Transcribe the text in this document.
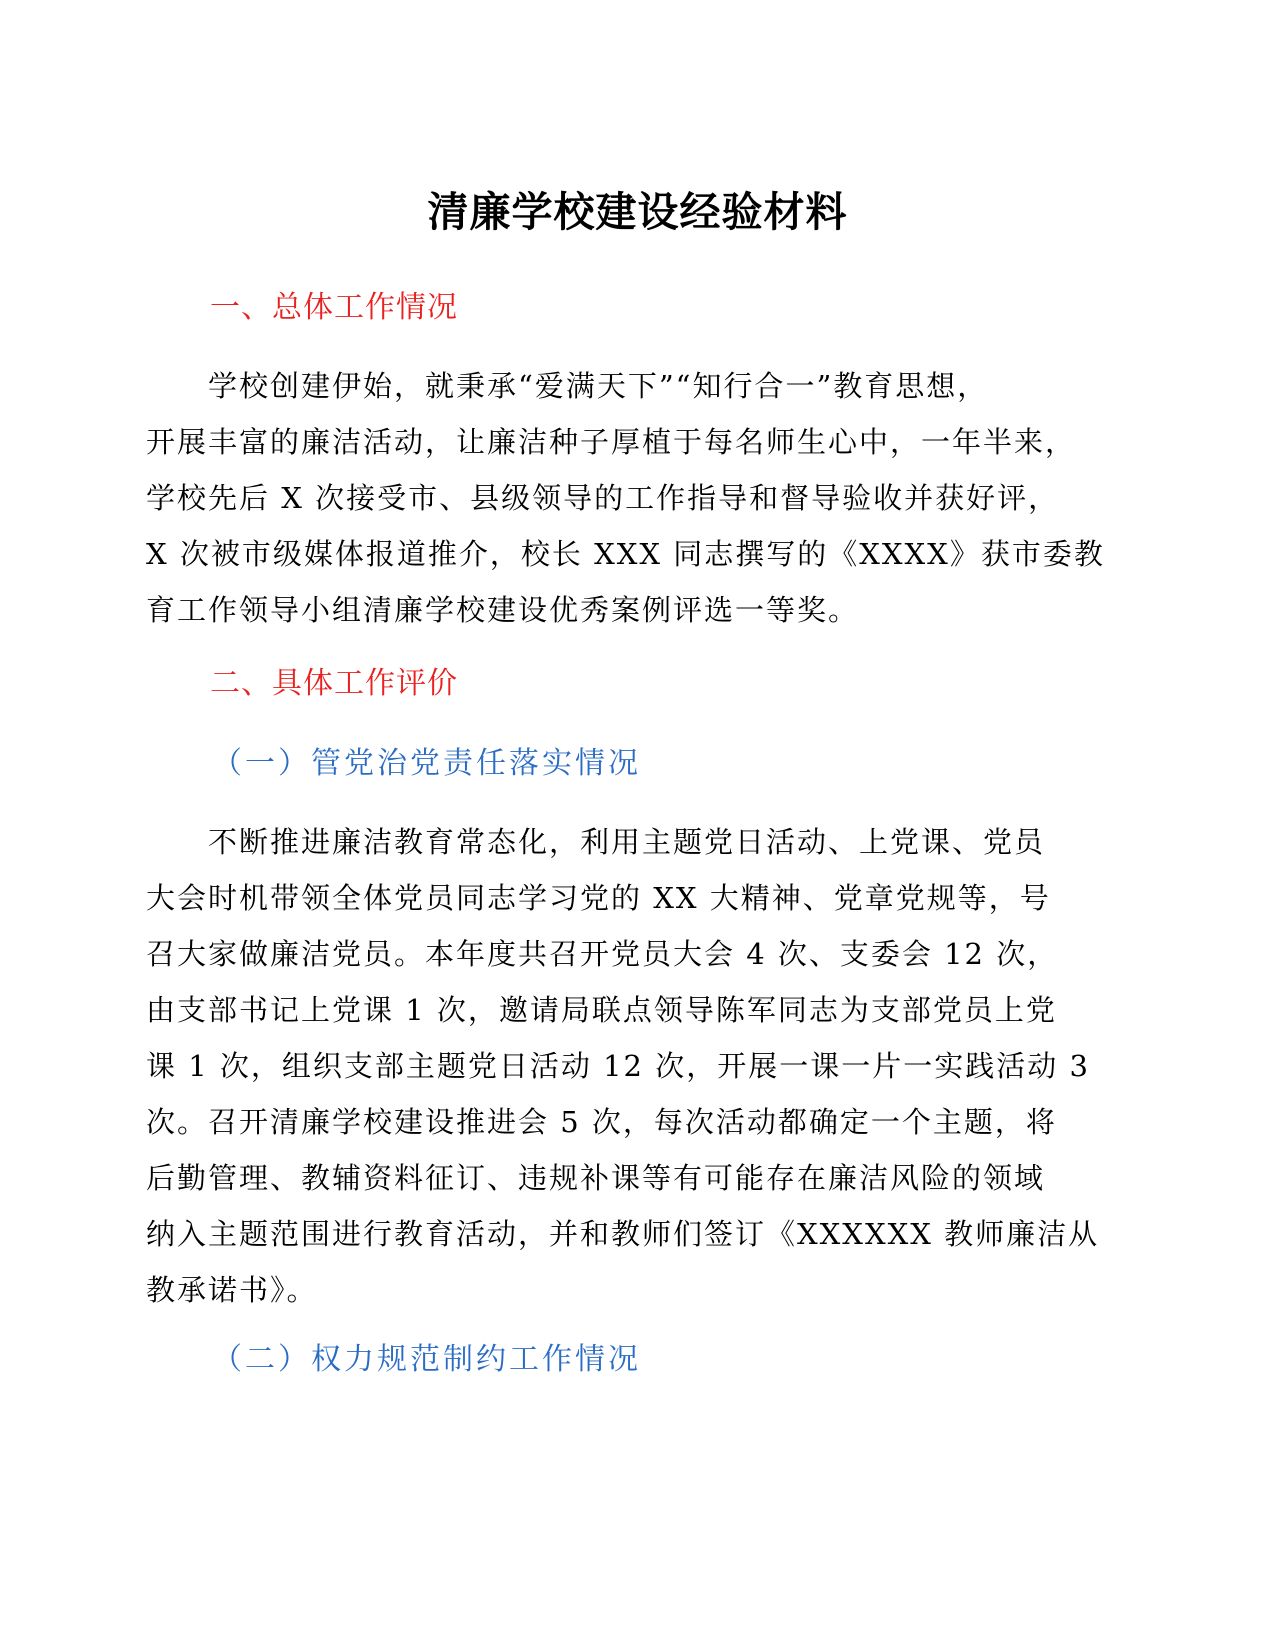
清廉学校建设经验材料
一、总体工作情况
学校创建伊始，就秉承“爱满天下”“知行合一”教育思想，
开展丰富的廉洁活动，让廉洁种子厚植于每名师生心中，一年半来，
学校先后 X 次接受市、县级领导的工作指导和督导验收并获好评，
X 次被市级媒体报道推介，校长 XXX 同志撰写的《XXXX》获市委教
育工作领导小组清廉学校建设优秀案例评选一等奖。
二、具体工作评价
（一）管党治党责任落实情况
不断推进廉洁教育常态化，利用主题党日活动、上党课、党员
大会时机带领全体党员同志学习党的 XX 大精神、党章党规等，号
召大家做廉洁党员。本年度共召开党员大会 4 次、支委会 12 次，
由支部书记上党课 1 次，邀请局联点领导陈军同志为支部党员上党
课 1 次，组织支部主题党日活动 12 次，开展一课一片一实践活动 3
次。召开清廉学校建设推进会 5 次，每次活动都确定一个主题，将
后勤管理、教辅资料征订、违规补课等有可能存在廉洁风险的领域
纳入主题范围进行教育活动，并和教师们签订《XXXXXX 教师廉洁从
教承诺书》。
（二）权力规范制约工作情况
